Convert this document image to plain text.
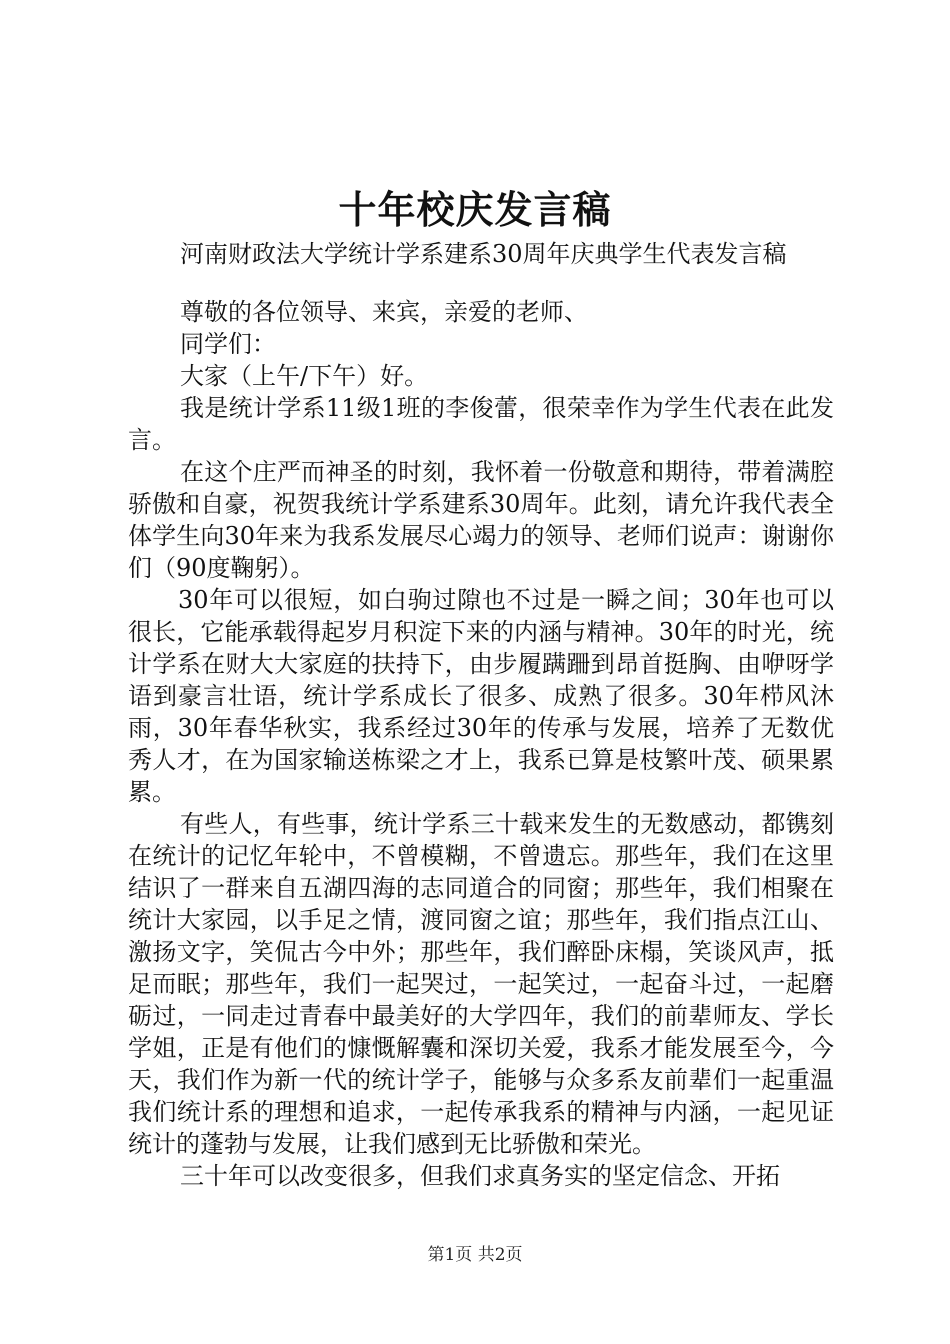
十年校庆发言稿
河南财政法大学统计学系建系30周年庆典学生代表发言稿

尊敬的各位领导、来宾，亲爱的老师、

同学们：

大家（上午/下午）好。

我是统计学系11级1班的李俊蕾，很荣幸作为学生代表在此发言。

在这个庄严而神圣的时刻，我怀着一份敬意和期待，带着满腔骄傲和自豪，祝贺我统计学系建系30周年。此刻，请允许我代表全体学生向30年来为我系发展尽心竭力的领导、老师们说声：谢谢你们（90度鞠躬）。

30年可以很短，如白驹过隙也不过是一瞬之间；30年也可以很长，它能承载得起岁月积淀下来的内涵与精神。30年的时光，统计学系在财大大家庭的扶持下，由步履蹒跚到昂首挺胸、由咿呀学语到豪言壮语，统计学系成长了很多、成熟了很多。30年栉风沐雨，30年春华秋实，我系经过30年的传承与发展，培养了无数优秀人才，在为国家输送栋梁之才上，我系已算是枝繁叶茂、硕果累累。

有些人，有些事，统计学系三十载来发生的无数感动，都镌刻在统计的记忆年轮中，不曾模糊，不曾遗忘。那些年，我们在这里结识了一群来自五湖四海的志同道合的同窗；那些年，我们相聚在统计大家园，以手足之情，渡同窗之谊；那些年，我们指点江山、激扬文字，笑侃古今中外；那些年，我们醉卧床榻，笑谈风声，抵足而眠；那些年，我们一起哭过，一起笑过，一起奋斗过，一起磨砺过，一同走过青春中最美好的大学四年，我们的前辈师友、学长学姐，正是有他们的慷慨解囊和深切关爱，我系才能发展至今，今天，我们作为新一代的统计学子，能够与众多系友前辈们一起重温我们统计系的理想和追求，一起传承我系的精神与内涵，一起见证统计的蓬勃与发展，让我们感到无比骄傲和荣光。

三十年可以改变很多，但我们求真务实的坚定信念、开拓

第1页 共2页
